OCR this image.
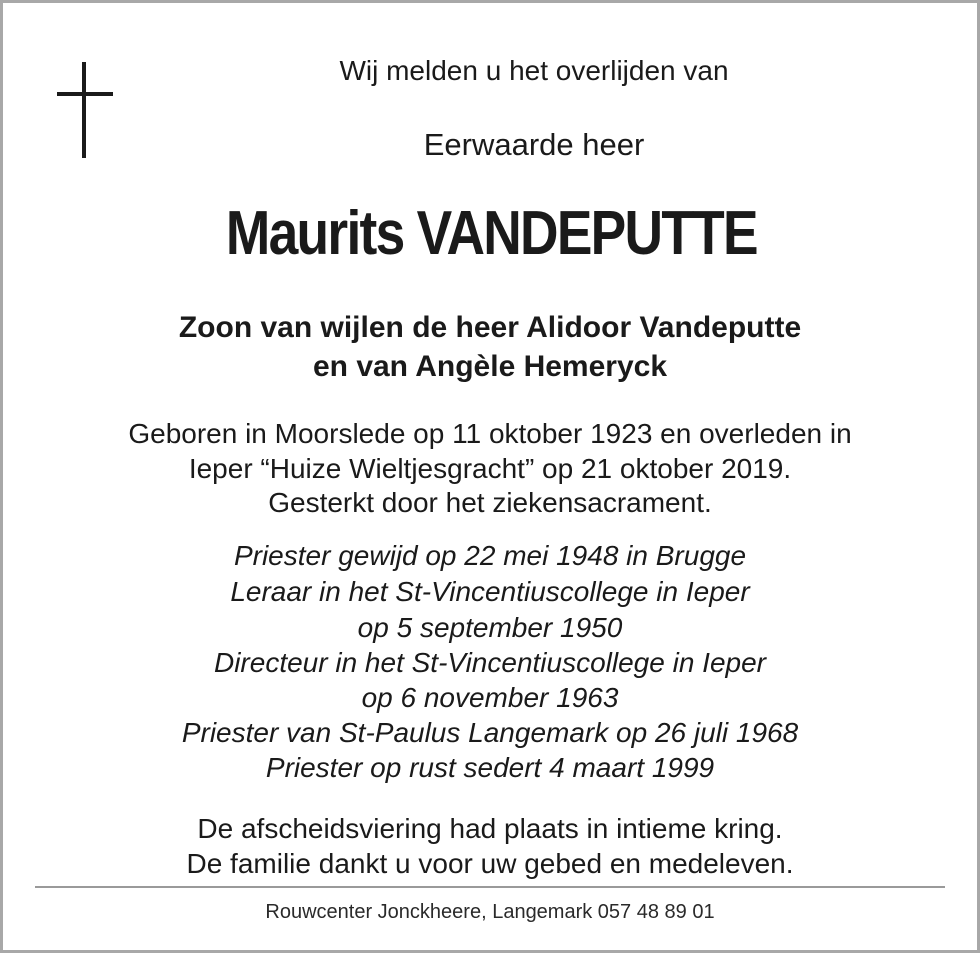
Wij melden u het overlijden van
Eerwaarde heer
Maurits VANDEPUTTE
Zoon van wijlen de heer Alidoor Vandeputte
en van Angèle Hemeryck
Geboren in Moorslede op 11 oktober 1923 en overleden in
Ieper “Huize Wieltjesgracht” op 21 oktober 2019.
Gesterkt door het ziekensacrament.
Priester gewijd op 22 mei 1948 in Brugge
Leraar in het St-Vincentiuscollege in Ieper
op 5 september 1950
Directeur in het St-Vincentiuscollege in Ieper
op 6 november 1963
Priester van St-Paulus Langemark op 26 juli 1968
Priester op rust sedert 4 maart 1999
De afscheidsviering had plaats in intieme kring.
De familie dankt u voor uw gebed en medeleven.
Rouwcenter Jonckheere, Langemark 057 48 89 01
